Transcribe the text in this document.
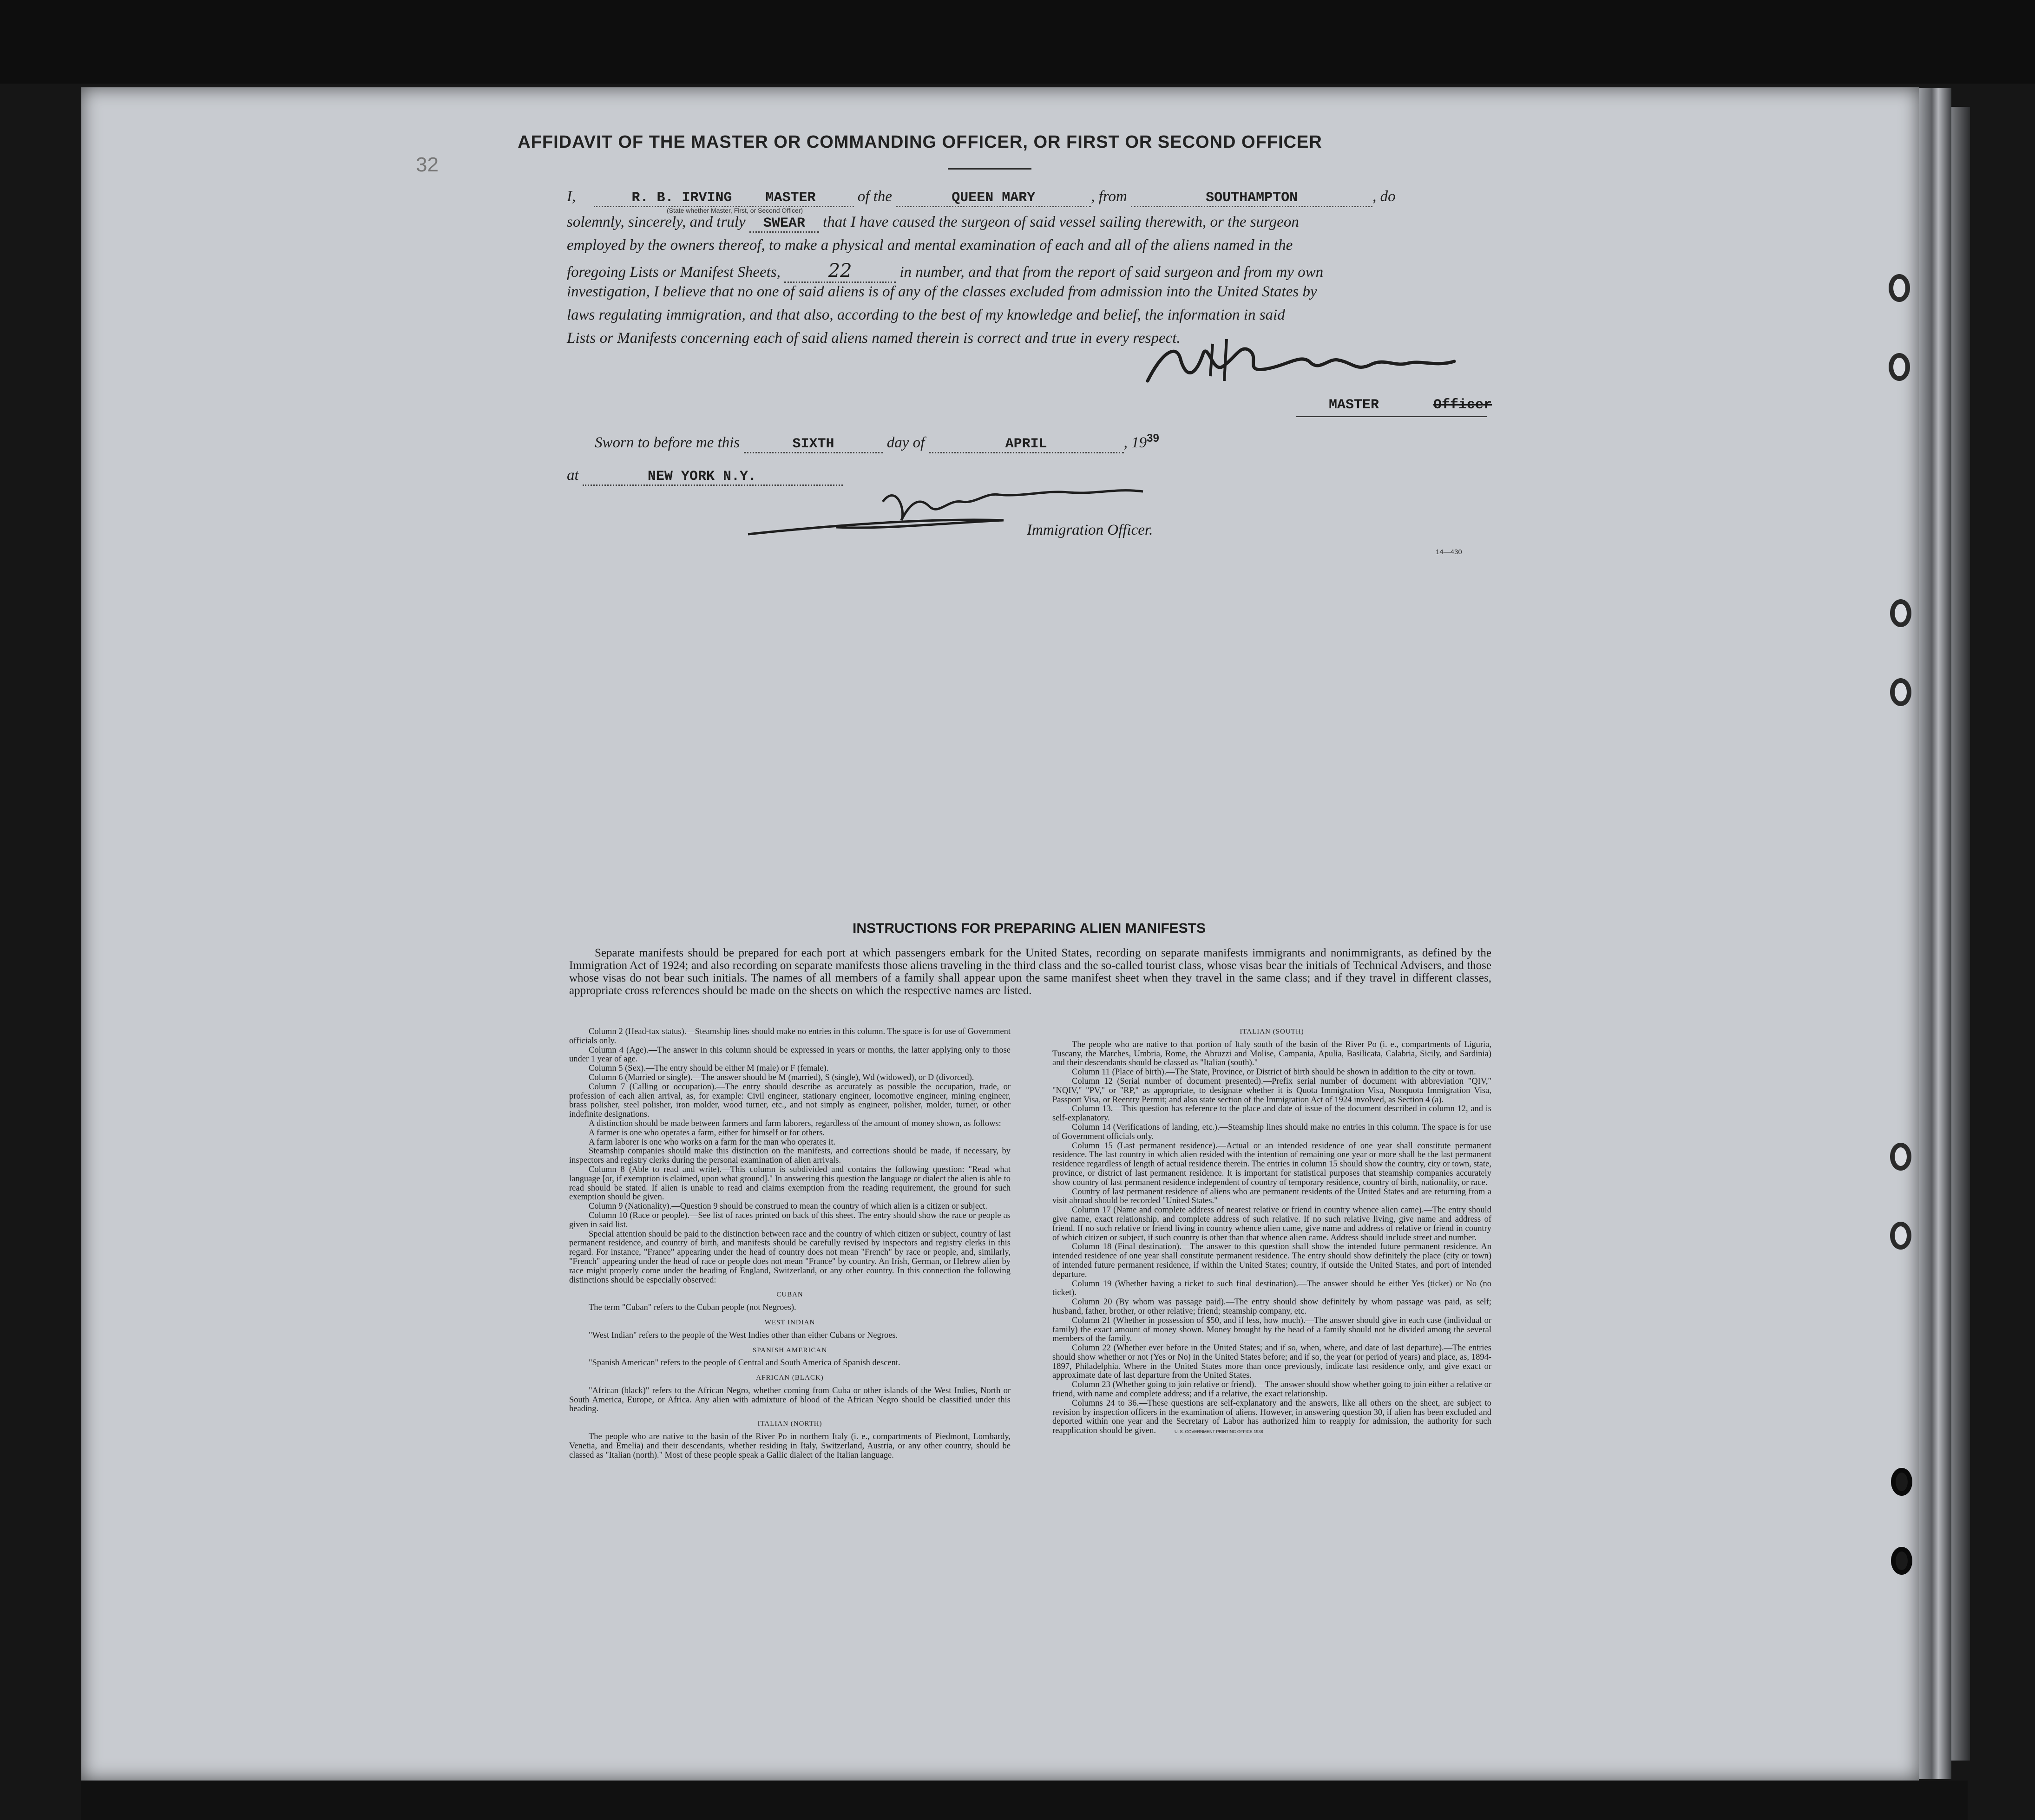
32
AFFIDAVIT OF THE MASTER OR COMMANDING OFFICER, OR FIRST OR SECOND OFFICER
I,	R. B. IRVING MASTER	of the	QUEEN MARY	, from	SOUTHAMPTON	, do
(State whether Master, First, or Second Officer)
solemnly, sincerely, and truly SWEAR that I have caused the surgeon of said vessel sailing therewith, or the surgeon
employed by the owners thereof, to make a physical and mental examination of each and all of the aliens named in the
foregoing Lists or Manifest Sheets,	22	in number, and that from the report of said surgeon and from my own
investigation, I believe that no one of said aliens is of any of the classes excluded from admission into the United States by
laws regulating immigration, and that also, according to the best of my knowledge and belief, the information in said
Lists or Manifests concerning each of said aliens named therein is correct and true in every respect.
MASTER	Officer
Sworn to before me this	SIXTH	day of	APRIL	, $19^{39}$
at	NEW YORK N.Y.
Immigration Officer.
14—430
INSTRUCTIONS FOR PREPARING ALIEN MANIFESTS
Separate manifests should be prepared for each port at which passengers embark for the United States, recording on separate manifests immigrants and nonimmigrants, as defined by the Immigration Act of 1924; and also recording on separate manifests those aliens traveling in the third class and the so-called tourist class, whose visas bear the initials of Technical Advisers, and those whose visas do not bear such initials. The names of all members of a family shall appear upon the same manifest sheet when they travel in the same class; and if they travel in different classes, appropriate cross references should be made on the sheets on which the respective names are listed.

Column 2 (Head-tax status).—Steamship lines should make no entries in this column. The space is for use of Government officials only.

Column 4 (Age).—The answer in this column should be expressed in years or months, the latter applying only to those under 1 year of age.

Column 5 (Sex).—The entry should be either M (male) or F (female).

Column 6 (Married or single).—The answer should be M (married), S (single), Wd (widowed), or D (divorced).

Column 7 (Calling or occupation).—The entry should describe as accurately as possible the occupation, trade, or profession of each alien arrival, as, for example: Civil engineer, stationary engineer, locomotive engineer, mining engineer, brass polisher, steel polisher, iron molder, wood turner, etc., and not simply as engineer, polisher, molder, turner, or other indefinite designations.

A distinction should be made between farmers and farm laborers, regardless of the amount of money shown, as follows:

A farmer is one who operates a farm, either for himself or for others.

A farm laborer is one who works on a farm for the man who operates it.

Steamship companies should make this distinction on the manifests, and corrections should be made, if necessary, by inspectors and registry clerks during the personal examination of alien arrivals.

Column 8 (Able to read and write).—This column is subdivided and contains the following question: "Read what language [or, if exemption is claimed, upon what ground]." In answering this question the language or dialect the alien is able to read should be stated. If alien is unable to read and claims exemption from the reading requirement, the ground for such exemption should be given.

Column 9 (Nationality).—Question 9 should be construed to mean the country of which alien is a citizen or subject.

Column 10 (Race or people).—See list of races printed on back of this sheet. The entry should show the race or people as given in said list.

Special attention should be paid to the distinction between race and the country of which citizen or subject, country of last permanent residence, and country of birth, and manifests should be carefully revised by inspectors and registry clerks in this regard. For instance, "France" appearing under the head of country does not mean "French" by race or people, and, similarly, "French" appearing under the head of race or people does not mean "France" by country. An Irish, German, or Hebrew alien by race might properly come under the heading of England, Switzerland, or any other country. In this connection the following distinctions should be especially observed:

CUBAN

The term "Cuban" refers to the Cuban people (not Negroes).

WEST INDIAN

"West Indian" refers to the people of the West Indies other than either Cubans or Negroes.

SPANISH AMERICAN

"Spanish American" refers to the people of Central and South America of Spanish descent.

AFRICAN (BLACK)

"African (black)" refers to the African Negro, whether coming from Cuba or other islands of the West Indies, North or South America, Europe, or Africa. Any alien with admixture of blood of the African Negro should be classified under this heading.

ITALIAN (NORTH)

The people who are native to the basin of the River Po in northern Italy (i. e., compartments of Piedmont, Lombardy, Venetia, and Emelia) and their descendants, whether residing in Italy, Switzerland, Austria, or any other country, should be classed as "Italian (north)." Most of these people speak a Gallic dialect of the Italian language.

ITALIAN (SOUTH)

The people who are native to that portion of Italy south of the basin of the River Po (i. e., compartments of Liguria, Tuscany, the Marches, Umbria, Rome, the Abruzzi and Molise, Campania, Apulia, Basilicata, Calabria, Sicily, and Sardinia) and their descendants should be classed as "Italian (south)."

Column 11 (Place of birth).—The State, Province, or District of birth should be shown in addition to the city or town.

Column 12 (Serial number of document presented).—Prefix serial number of document with abbreviation "QIV," "NQIV," "PV," or "RP," as appropriate, to designate whether it is Quota Immigration Visa, Nonquota Immigration Visa, Passport Visa, or Reentry Permit; and also state section of the Immigration Act of 1924 involved, as Section 4 (a).

Column 13.—This question has reference to the place and date of issue of the document described in column 12, and is self-explanatory.

Column 14 (Verifications of landing, etc.).—Steamship lines should make no entries in this column. The space is for use of Government officials only.

Column 15 (Last permanent residence).—Actual or an intended residence of one year shall constitute permanent residence. The last country in which alien resided with the intention of remaining one year or more shall be the last permanent residence regardless of length of actual residence therein. The entries in column 15 should show the country, city or town, state, province, or district of last permanent residence. It is important for statistical purposes that steamship companies accurately show country of last permanent residence independent of country of temporary residence, country of birth, nationality, or race.

Country of last permanent residence of aliens who are permanent residents of the United States and are returning from a visit abroad should be recorded "United States."

Column 17 (Name and complete address of nearest relative or friend in country whence alien came).—The entry should give name, exact relationship, and complete address of such relative. If no such relative living, give name and address of friend. If no such relative or friend living in country whence alien came, give name and address of relative or friend in country of which citizen or subject, if such country is other than that whence alien came. Address should include street and number.

Column 18 (Final destination).—The answer to this question shall show the intended future permanent residence. An intended residence of one year shall constitute permanent residence. The entry should show definitely the place (city or town) of intended future permanent residence, if within the United States; country, if outside the United States, and port of intended departure.

Column 19 (Whether having a ticket to such final destination).—The answer should be either Yes (ticket) or No (no ticket).

Column 20 (By whom was passage paid).—The entry should show definitely by whom passage was paid, as self; husband, father, brother, or other relative; friend; steamship company, etc.

Column 21 (Whether in possession of $50, and if less, how much).—The answer should give in each case (individual or family) the exact amount of money shown. Money brought by the head of a family should not be divided among the several members of the family.

Column 22 (Whether ever before in the United States; and if so, when, where, and date of last departure).—The entries should show whether or not (Yes or No) in the United States before; and if so, the year (or period of years) and place, as, 1894-1897, Philadelphia. Where in the United States more than once previously, indicate last residence only, and give exact or approximate date of last departure from the United States.

Column 23 (Whether going to join relative or friend).—The answer should show whether going to join either a relative or friend, with name and complete address; and if a relative, the exact relationship.

Columns 24 to 36.—These questions are self-explanatory and the answers, like all others on the sheet, are subject to revision by inspection officers in the examination of aliens. However, in answering question 30, if alien has been excluded and deported within one year and the Secretary of Labor has authorized him to reapply for admission, the authority for such reapplication should be given.	U. S. GOVERNMENT PRINTING OFFICE 1938
